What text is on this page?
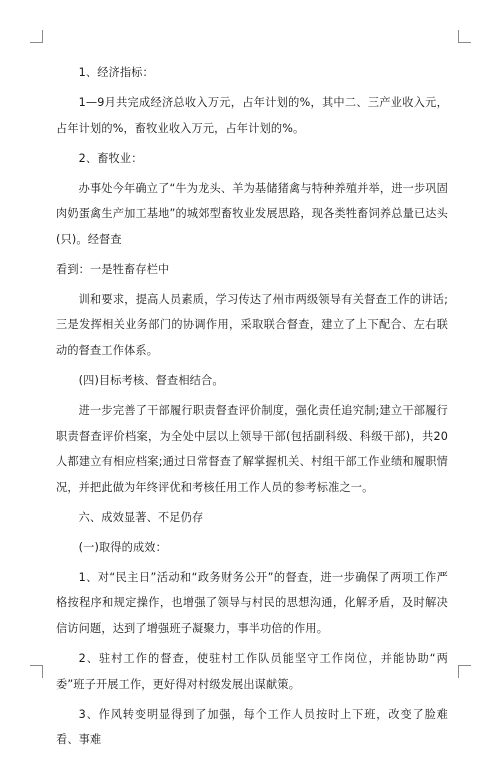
1、经济指标：

1—9月共完成经济总收入万元，占年计划的%，其中二、三产业收入元，占年计划的%，畜牧业收入万元，占年计划的%。

2、畜牧业：

办事处今年确立了“牛为龙头、羊为基储猪禽与特种养殖并举，进一步巩固肉奶蛋禽生产加工基地”的城郊型畜牧业发展思路，现各类牲畜饲养总量已达头(只)。经督查

看到：一是牲畜存栏中

训和要求，提高人员素质，学习传达了州市两级领导有关督查工作的讲话;三是发挥相关业务部门的协调作用，采取联合督查，建立了上下配合、左右联动的督查工作体系。

(四)目标考核、督查相结合。

进一步完善了干部履行职责督查评价制度，强化责任追究制;建立干部履行职责督查评价档案，为全处中层以上领导干部(包括副科级、科级干部)，共20人都建立有相应档案;通过日常督查了解掌握机关、村组干部工作业绩和履职情况，并把此做为年终评优和考核任用工作人员的参考标准之一。

六、成效显著、不足仍存

(一)取得的成效：

1、对“民主日”活动和“政务财务公开”的督查，进一步确保了两项工作严格按程序和规定操作，也增强了领导与村民的思想沟通，化解矛盾，及时解决信访问题，达到了增强班子凝聚力，事半功倍的作用。

2、驻村工作的督查，使驻村工作队员能坚守工作岗位，并能协助“两委”班子开展工作，更好得对村级发展出谋献策。

3、作风转变明显得到了加强，每个工作人员按时上下班，改变了脸难看、事难
